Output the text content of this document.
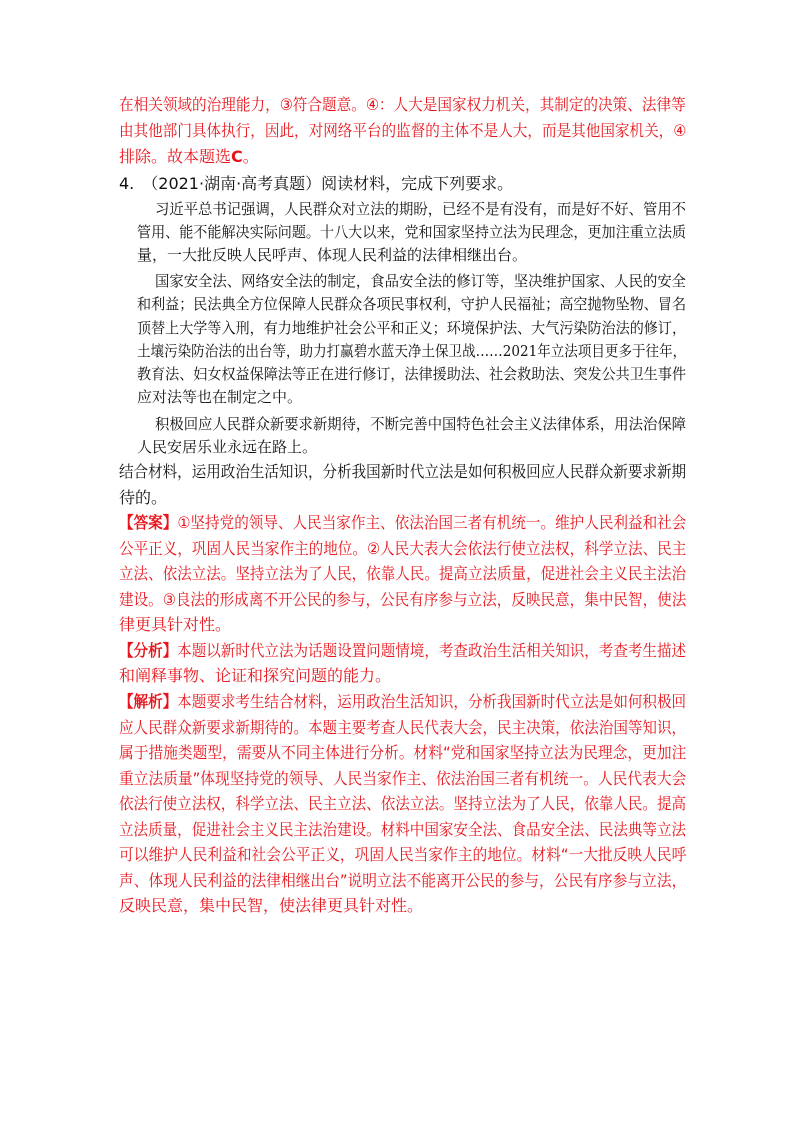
在相关领域的治理能力，③符合题意。④：人大是国家权力机关，其制定的决策、法律等
由其他部门具体执行，因此，对网络平台的监督的主体不是人大，而是其他国家机关，④
排除。故本题选C。
4. （2021·湖南·高考真题）阅读材料，完成下列要求。
习近平总书记强调，人民群众对立法的期盼，已经不是有没有，而是好不好、管用不
管用、能不能解决实际问题。十八大以来，党和国家坚持立法为民理念，更加注重立法质
量，一大批反映人民呼声、体现人民利益的法律相继出台。
国家安全法、网络安全法的制定，食品安全法的修订等，坚决维护国家、人民的安全
和利益；民法典全方位保障人民群众各项民事权利，守护人民福祉；高空抛物坠物、冒名
顶替上大学等入刑，有力地维护社会公平和正义；环境保护法、大气污染防治法的修订，
土壤污染防治法的出台等，助力打赢碧水蓝天净土保卫战……2021年立法项目更多于往年，
教育法、妇女权益保障法等正在进行修订，法律援助法、社会救助法、突发公共卫生事件
应对法等也在制定之中。
积极回应人民群众新要求新期待，不断完善中国特色社会主义法律体系，用法治保障
人民安居乐业永远在路上。
结合材料，运用政治生活知识，分析我国新时代立法是如何积极回应人民群众新要求新期
待的。
【答案】①坚持党的领导、人民当家作主、依法治国三者有机统一。维护人民利益和社会
公平正义，巩固人民当家作主的地位。②人民大表大会依法行使立法权，科学立法、民主
立法、依法立法。坚持立法为了人民，依靠人民。提高立法质量，促进社会主义民主法治
建设。③良法的形成离不开公民的参与，公民有序参与立法，反映民意，集中民智，使法
律更具针对性。
【分析】本题以新时代立法为话题设置问题情境，考查政治生活相关知识，考查考生描述
和阐释事物、论证和探究问题的能力。
【解析】本题要求考生结合材料，运用政治生活知识，分析我国新时代立法是如何积极回
应人民群众新要求新期待的。本题主要考查人民代表大会，民主决策，依法治国等知识，
属于措施类题型，需要从不同主体进行分析。材料“党和国家坚持立法为民理念，更加注
重立法质量”体现坚持党的领导、人民当家作主、依法治国三者有机统一。人民代表大会
依法行使立法权，科学立法、民主立法、依法立法。坚持立法为了人民，依靠人民。提高
立法质量，促进社会主义民主法治建设。材料中国家安全法、食品安全法、民法典等立法
可以维护人民利益和社会公平正义，巩固人民当家作主的地位。材料“一大批反映人民呼
声、体现人民利益的法律相继出台”说明立法不能离开公民的参与，公民有序参与立法，
反映民意，集中民智，使法律更具针对性。
